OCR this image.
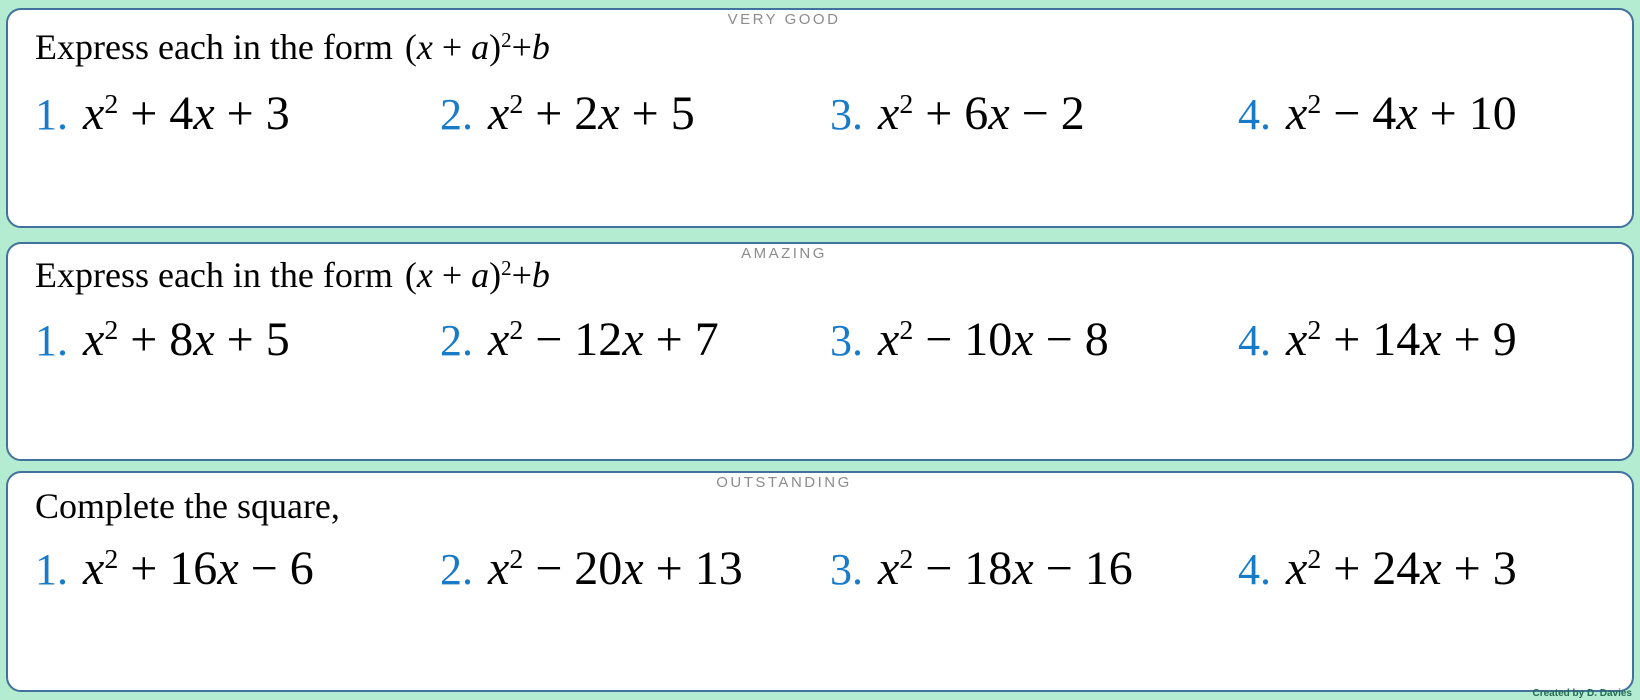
VERY GOOD
Express each in the form $(x + a)^2+b$
1. $x^2 + 4x + 3$	2. $x^2 + 2x + 5$	3. $x^2 + 6x - 2$	4. $x^2 - 4x + 10$
AMAZING
Express each in the form $(x + a)^2+b$
1. $x^2 + 8x + 5$	2. $x^2 - 12x + 7$	3. $x^2 - 10x - 8$	4. $x^2 + 14x + 9$
OUTSTANDING
Complete the square,
1. $x^2 + 16x - 6$	2. $x^2 - 20x + 13$	3. $x^2 - 18x - 16$	4. $x^2 + 24x + 3$
Created by D. Davies
